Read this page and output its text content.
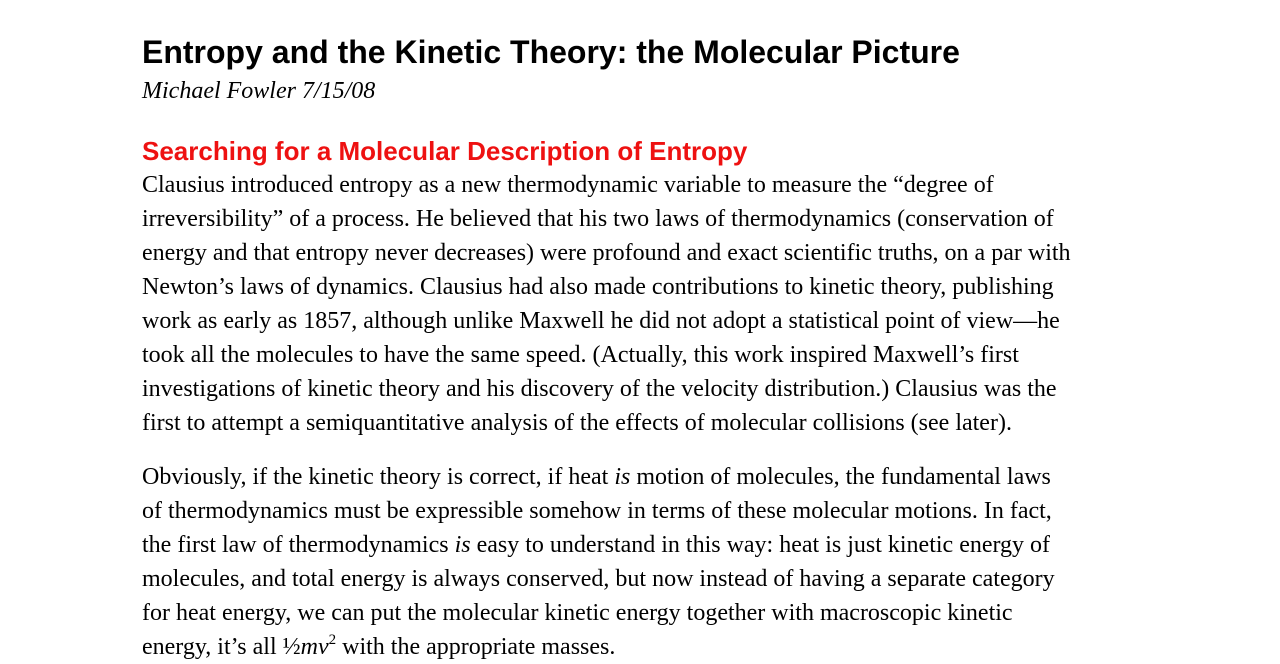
Entropy and the Kinetic Theory: the Molecular Picture
Michael Fowler 7/15/08
Searching for a Molecular Description of Entropy

Clausius introduced entropy as a new thermodynamic variable to measure the “degree of
irreversibility” of a process. He believed that his two laws of thermodynamics (conservation of
energy and that entropy never decreases) were profound and exact scientific truths, on a par with
Newton’s laws of dynamics. Clausius had also made contributions to kinetic theory, publishing
work as early as 1857, although unlike Maxwell he did not adopt a statistical point of view—he
took all the molecules to have the same speed. (Actually, this work inspired Maxwell’s first
investigations of kinetic theory and his discovery of the velocity distribution.) Clausius was the
first to attempt a semiquantitative analysis of the effects of molecular collisions (see later).

Obviously, if the kinetic theory is correct, if heat is motion of molecules, the fundamental laws
of thermodynamics must be expressible somehow in terms of these molecular motions. In fact,
the first law of thermodynamics is easy to understand in this way: heat is just kinetic energy of
molecules, and total energy is always conserved, but now instead of having a separate category
for heat energy, we can put the molecular kinetic energy together with macroscopic kinetic
energy, it’s all $\frac{1}{2}mv^2$ with the appropriate masses.
